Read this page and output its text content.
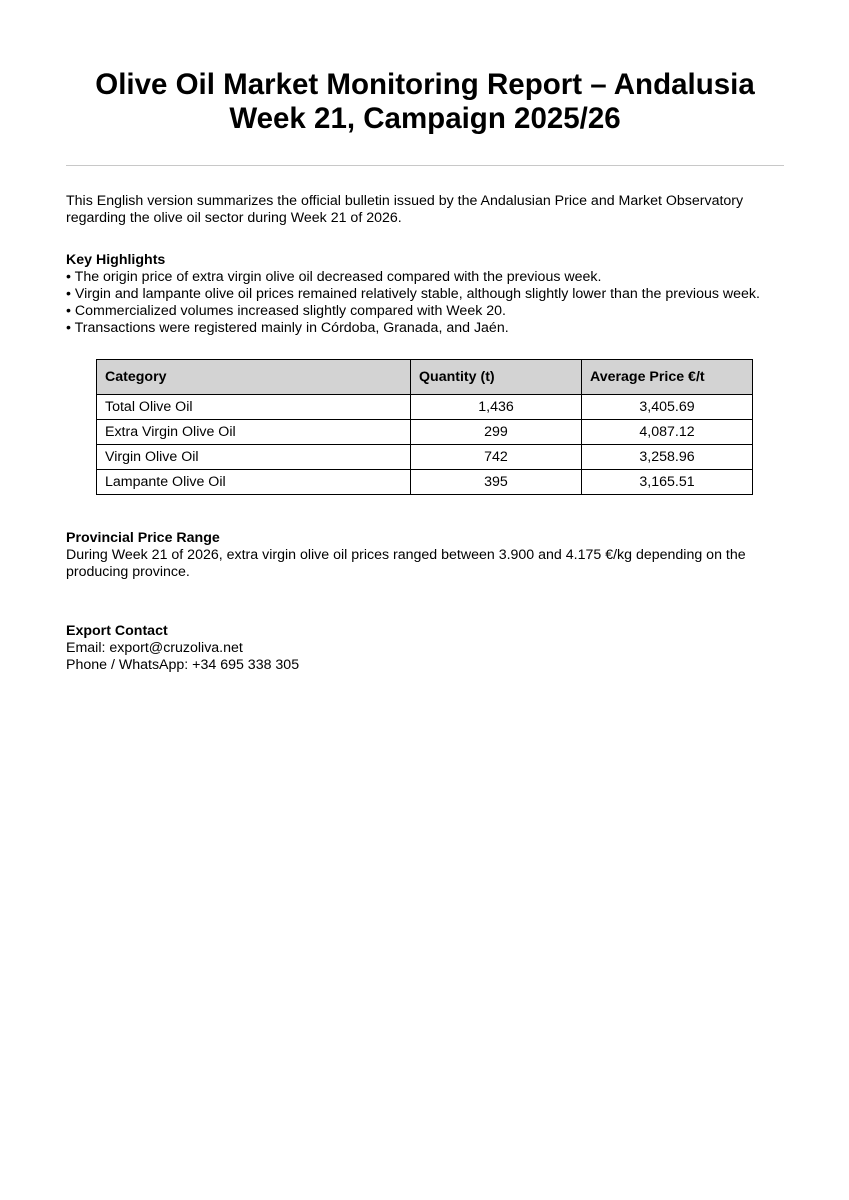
Olive Oil Market Monitoring Report – Andalusia
Week 21, Campaign 2025/26

This English version summarizes the official bulletin issued by the Andalusian Price and Market Observatory regarding the olive oil sector during Week 21 of 2026.

Key Highlights
• The origin price of extra virgin olive oil decreased compared with the previous week.
• Virgin and lampante olive oil prices remained relatively stable, although slightly lower than the previous week.
• Commercialized volumes increased slightly compared with Week 20.
• Transactions were registered mainly in Córdoba, Granada, and Jaén.
Category	Quantity (t)	Average Price €/t
Total Olive Oil	1,436	3,405.69
Extra Virgin Olive Oil	299	4,087.12
Virgin Olive Oil	742	3,258.96
Lampante Olive Oil	395	3,165.51
Provincial Price Range
During Week 21 of 2026, extra virgin olive oil prices ranged between 3.900 and 4.175 €/kg depending on the producing province.
Export Contact
Email: export@cruzoliva.net
Phone / WhatsApp: +34 695 338 305
